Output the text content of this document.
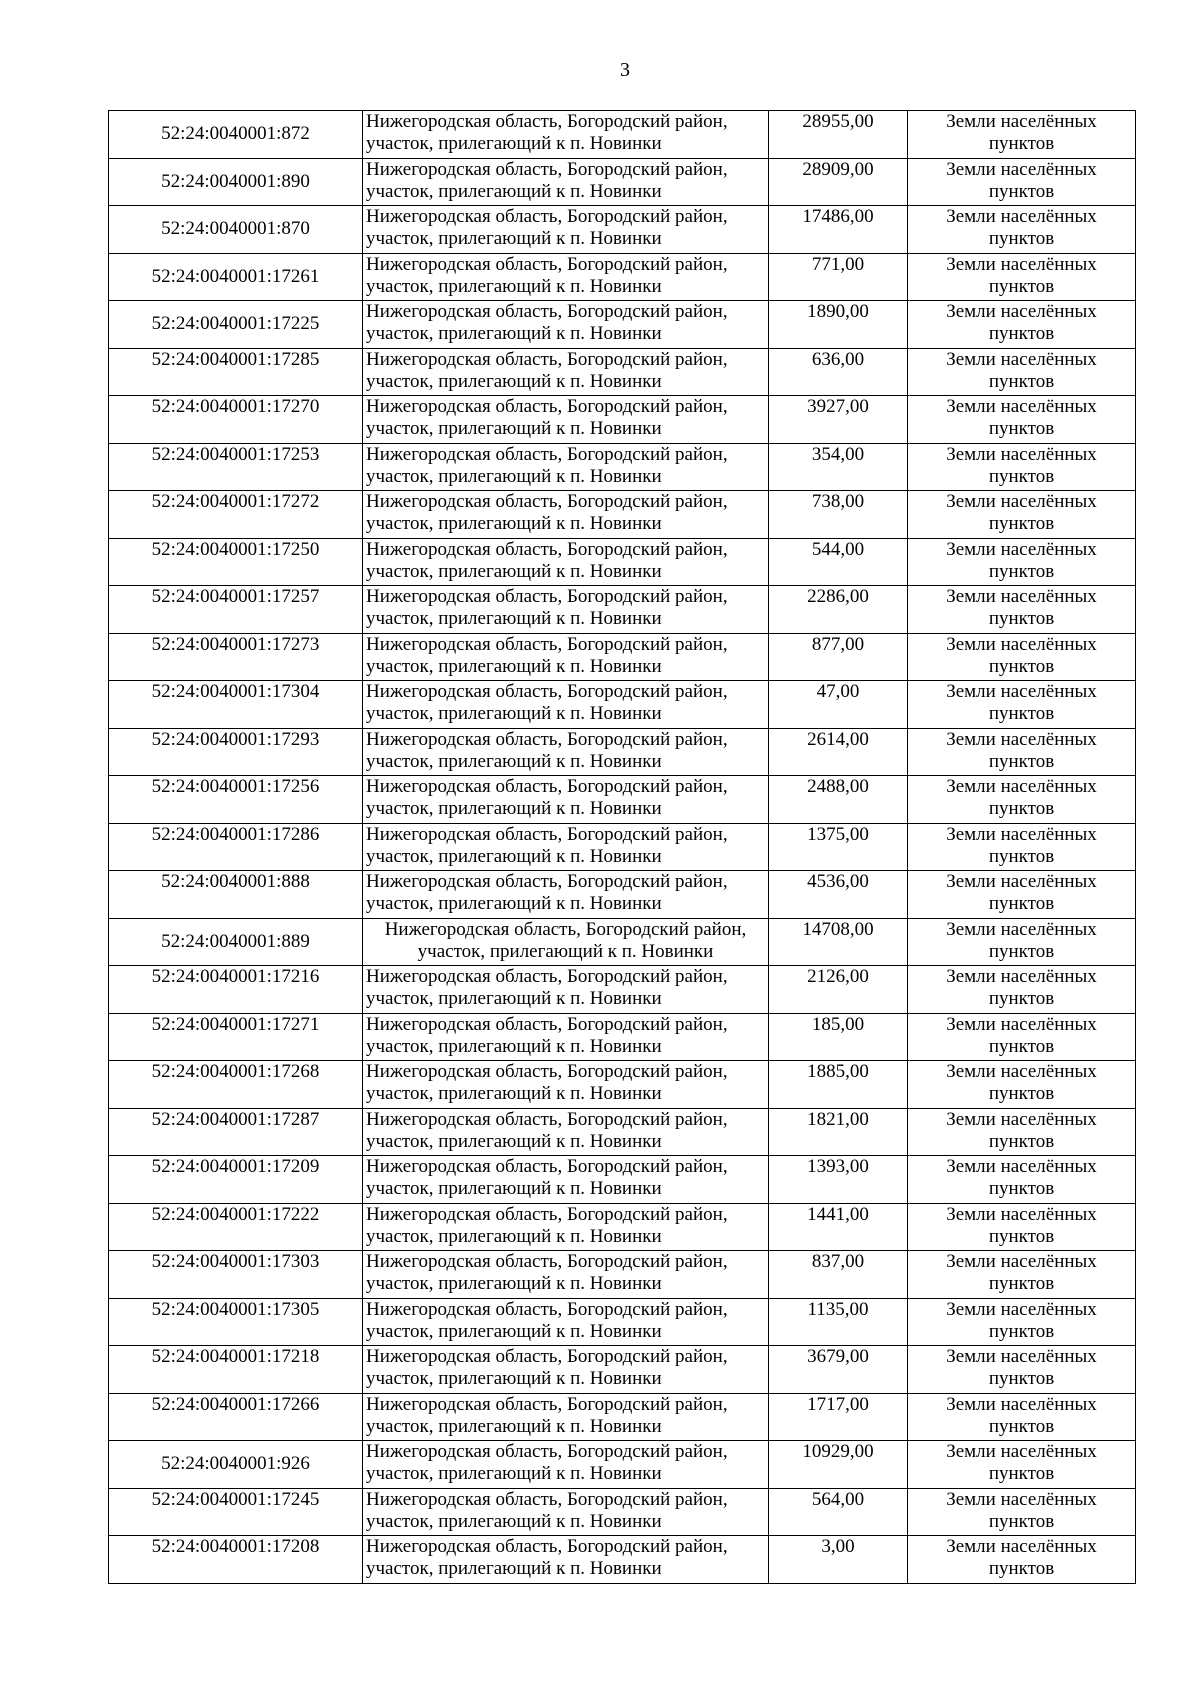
3
52:24:0040001:872	Нижегородская область, Богородский район,
участок, прилегающий к п. Новинки	28955,00	Земли населённых
пунктов
52:24:0040001:890	Нижегородская область, Богородский район,
участок, прилегающий к п. Новинки	28909,00	Земли населённых
пунктов
52:24:0040001:870	Нижегородская область, Богородский район,
участок, прилегающий к п. Новинки	17486,00	Земли населённых
пунктов
52:24:0040001:17261	Нижегородская область, Богородский район,
участок, прилегающий к п. Новинки	771,00	Земли населённых
пунктов
52:24:0040001:17225	Нижегородская область, Богородский район,
участок, прилегающий к п. Новинки	1890,00	Земли населённых
пунктов
52:24:0040001:17285	Нижегородская область, Богородский район,
участок, прилегающий к п. Новинки	636,00	Земли населённых
пунктов
52:24:0040001:17270	Нижегородская область, Богородский район,
участок, прилегающий к п. Новинки	3927,00	Земли населённых
пунктов
52:24:0040001:17253	Нижегородская область, Богородский район,
участок, прилегающий к п. Новинки	354,00	Земли населённых
пунктов
52:24:0040001:17272	Нижегородская область, Богородский район,
участок, прилегающий к п. Новинки	738,00	Земли населённых
пунктов
52:24:0040001:17250	Нижегородская область, Богородский район,
участок, прилегающий к п. Новинки	544,00	Земли населённых
пунктов
52:24:0040001:17257	Нижегородская область, Богородский район,
участок, прилегающий к п. Новинки	2286,00	Земли населённых
пунктов
52:24:0040001:17273	Нижегородская область, Богородский район,
участок, прилегающий к п. Новинки	877,00	Земли населённых
пунктов
52:24:0040001:17304	Нижегородская область, Богородский район,
участок, прилегающий к п. Новинки	47,00	Земли населённых
пунктов
52:24:0040001:17293	Нижегородская область, Богородский район,
участок, прилегающий к п. Новинки	2614,00	Земли населённых
пунктов
52:24:0040001:17256	Нижегородская область, Богородский район,
участок, прилегающий к п. Новинки	2488,00	Земли населённых
пунктов
52:24:0040001:17286	Нижегородская область, Богородский район,
участок, прилегающий к п. Новинки	1375,00	Земли населённых
пунктов
52:24:0040001:888	Нижегородская область, Богородский район,
участок, прилегающий к п. Новинки	4536,00	Земли населённых
пунктов
52:24:0040001:889	Нижегородская область, Богородский район,
участок, прилегающий к п. Новинки	14708,00	Земли населённых
пунктов
52:24:0040001:17216	Нижегородская область, Богородский район,
участок, прилегающий к п. Новинки	2126,00	Земли населённых
пунктов
52:24:0040001:17271	Нижегородская область, Богородский район,
участок, прилегающий к п. Новинки	185,00	Земли населённых
пунктов
52:24:0040001:17268	Нижегородская область, Богородский район,
участок, прилегающий к п. Новинки	1885,00	Земли населённых
пунктов
52:24:0040001:17287	Нижегородская область, Богородский район,
участок, прилегающий к п. Новинки	1821,00	Земли населённых
пунктов
52:24:0040001:17209	Нижегородская область, Богородский район,
участок, прилегающий к п. Новинки	1393,00	Земли населённых
пунктов
52:24:0040001:17222	Нижегородская область, Богородский район,
участок, прилегающий к п. Новинки	1441,00	Земли населённых
пунктов
52:24:0040001:17303	Нижегородская область, Богородский район,
участок, прилегающий к п. Новинки	837,00	Земли населённых
пунктов
52:24:0040001:17305	Нижегородская область, Богородский район,
участок, прилегающий к п. Новинки	1135,00	Земли населённых
пунктов
52:24:0040001:17218	Нижегородская область, Богородский район,
участок, прилегающий к п. Новинки	3679,00	Земли населённых
пунктов
52:24:0040001:17266	Нижегородская область, Богородский район,
участок, прилегающий к п. Новинки	1717,00	Земли населённых
пунктов
52:24:0040001:926	Нижегородская область, Богородский район,
участок, прилегающий к п. Новинки	10929,00	Земли населённых
пунктов
52:24:0040001:17245	Нижегородская область, Богородский район,
участок, прилегающий к п. Новинки	564,00	Земли населённых
пунктов
52:24:0040001:17208	Нижегородская область, Богородский район,
участок, прилегающий к п. Новинки	3,00	Земли населённых
пунктов
